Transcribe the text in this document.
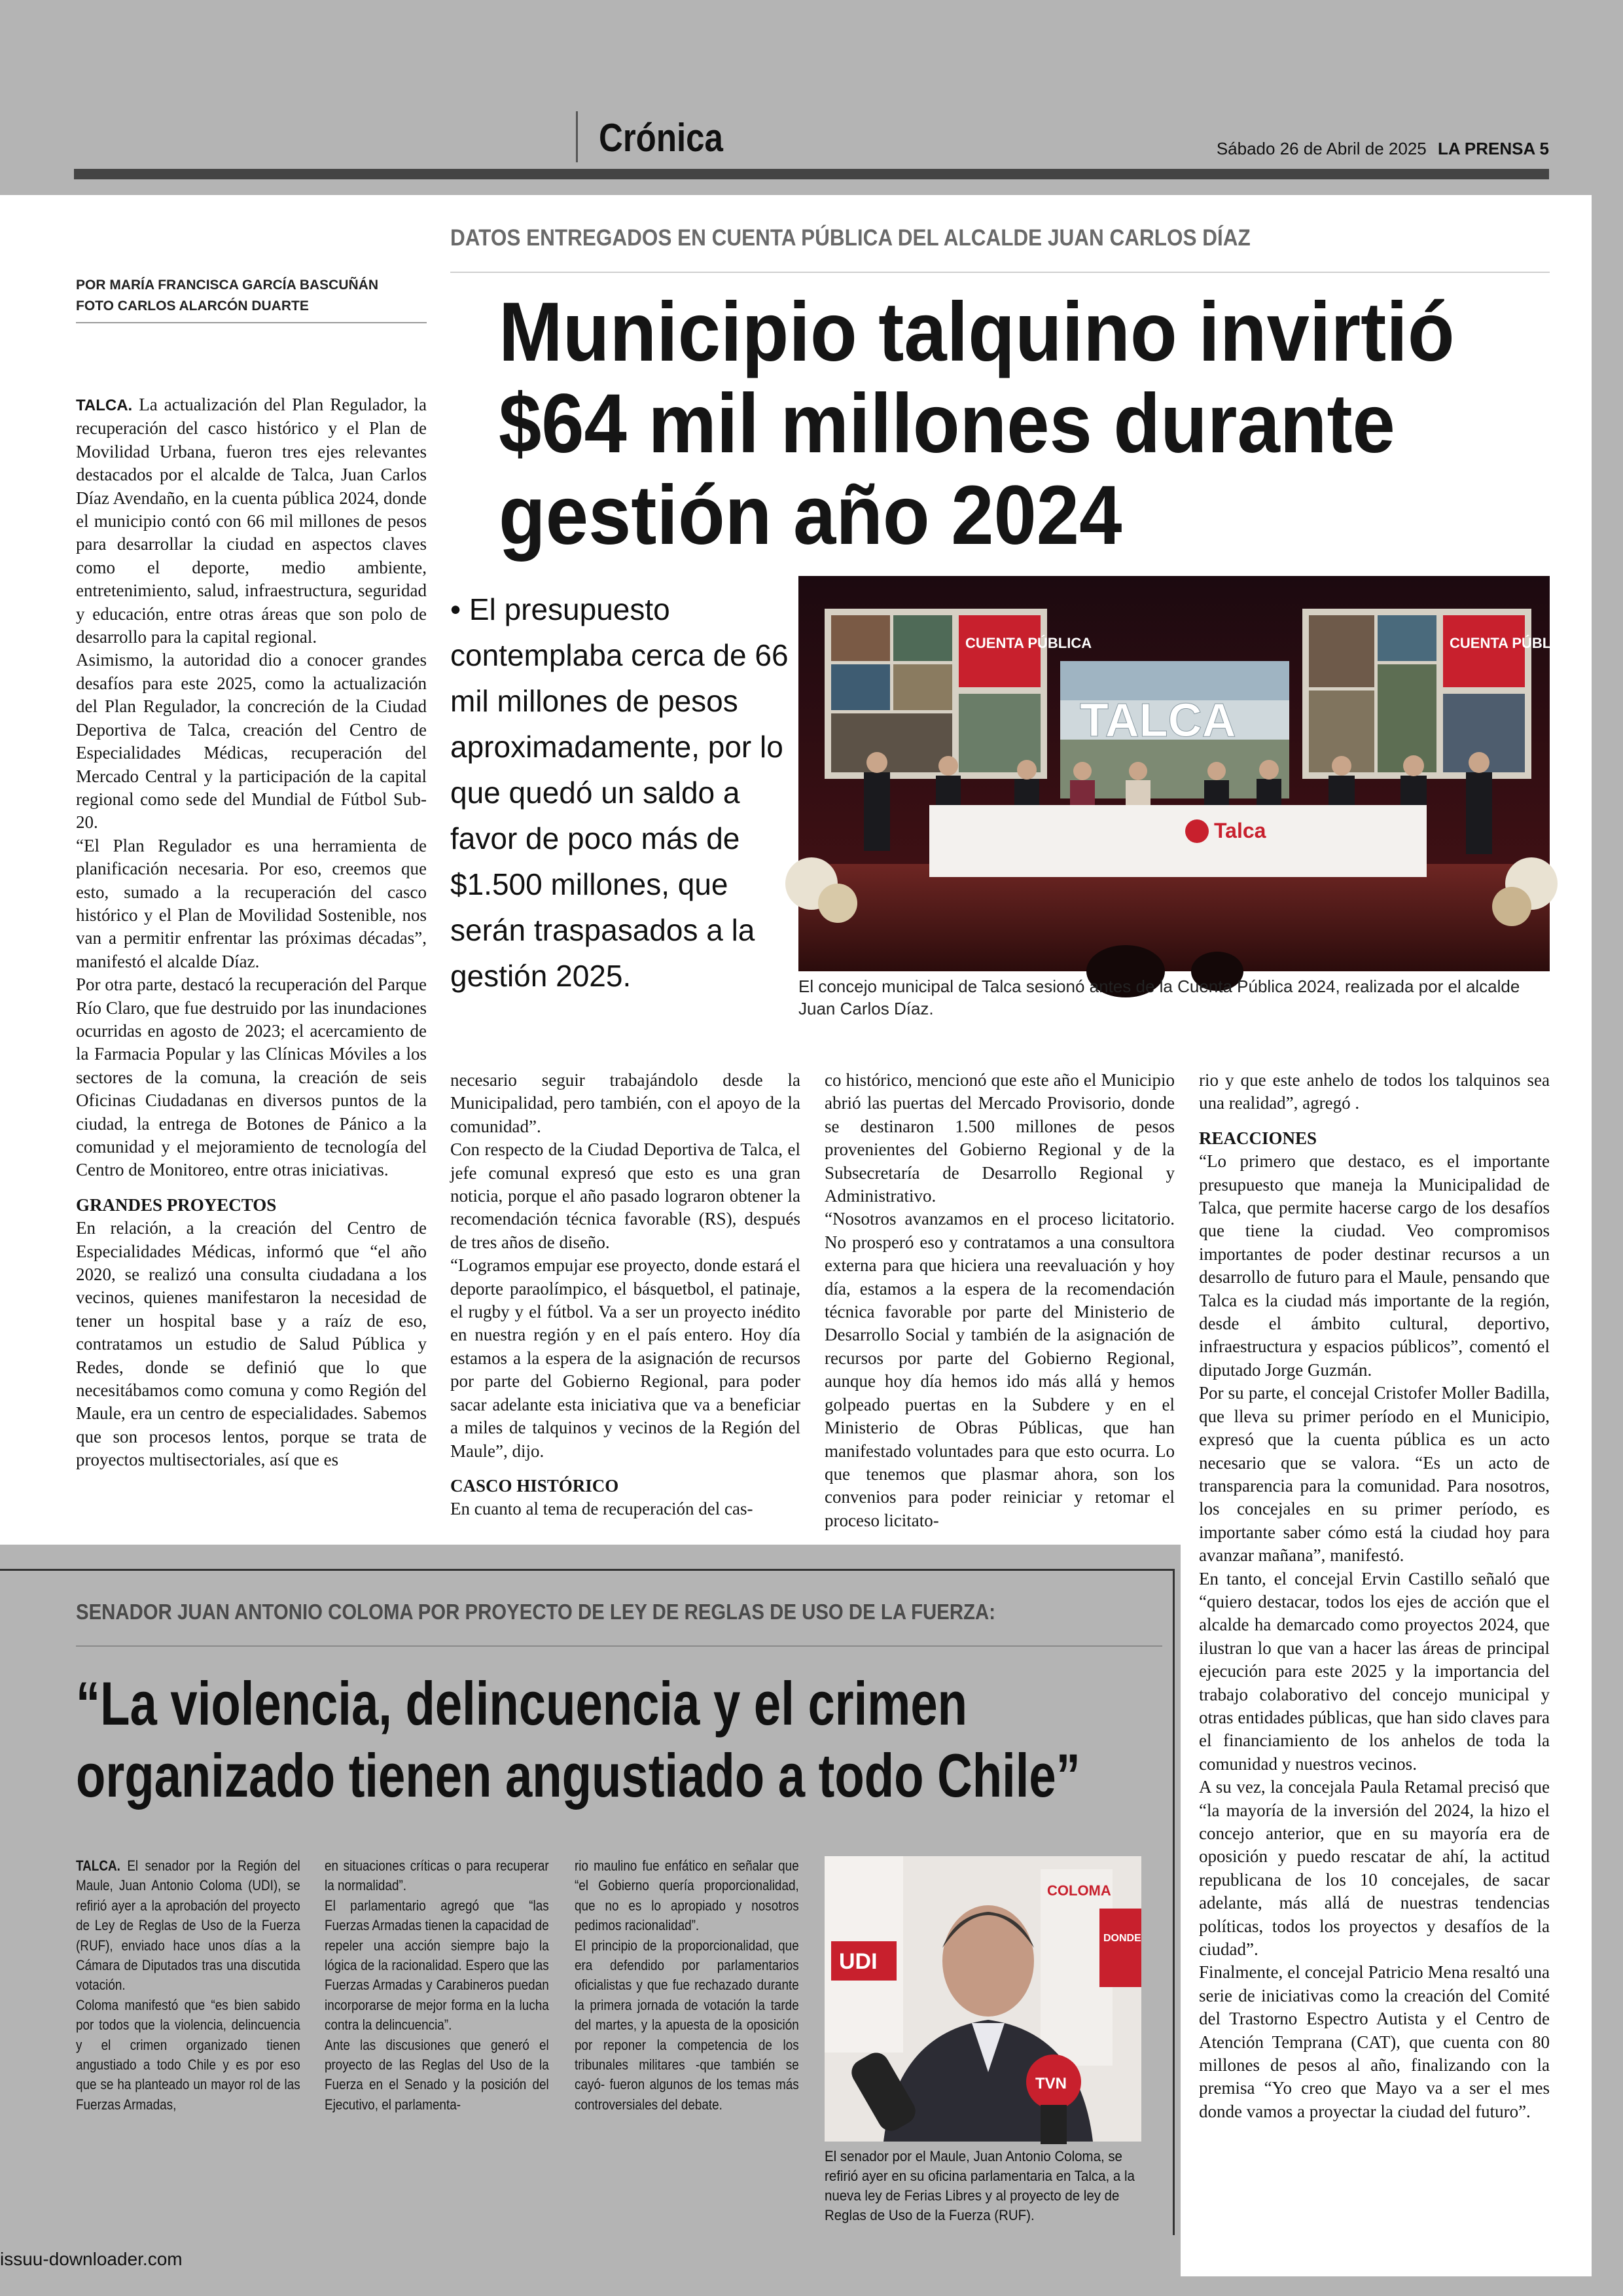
Crónica	Sábado 26 de Abril de 2025 LA PRENSA 5
DATOS ENTREGADOS EN CUENTA PÚBLICA DEL ALCALDE JUAN CARLOS DÍAZ
POR MARÍA FRANCISCA GARCÍA BASCUÑÁN
FOTO CARLOS ALARCÓN DUARTE	Municipio talquino invirtió
$64 mil millones durante
gestión año 2024
• El presupuesto contemplaba cerca de 66 mil millones de pesos aproximadamente, por lo que quedó un saldo a favor de poco más de $1.500 millones, que serán traspasados a la gestión 2025.
CUENTA PÚBLICA
TALCA
CUENTA PÚBLICA
Talca
El concejo municipal de Talca sesionó antes de la Cuenta Pública 2024, realizada por el alcalde Juan Carlos Díaz.

TALCA. La actualización del Plan Regulador, la recuperación del casco histórico y el Plan de Movilidad Urbana, fueron tres ejes relevantes destacados por el alcalde de Talca, Juan Carlos Díaz Avendaño, en la cuenta pública 2024, donde el municipio contó con 66 mil millones de pesos para desarrollar la ciudad en aspectos claves como el deporte, medio ambiente, entretenimiento, salud, infraestructura, seguridad y educación, entre otras áreas que son polo de desarrollo para la capital regional.

Asimismo, la autoridad dio a conocer grandes desafíos para este 2025, como la actualización del Plan Regulador, la concreción de la Ciudad Deportiva de Talca, creación del Centro de Especialidades Médicas, recuperación del Mercado Central y la participación de la capital regional como sede del Mundial de Fútbol Sub-20.

“El Plan Regulador es una herramienta de planificación necesaria. Por eso, creemos que esto, sumado a la recuperación del casco histórico y el Plan de Movilidad Sostenible, nos van a permitir enfrentar las próximas décadas”, manifestó el alcalde Díaz.

Por otra parte, destacó la recuperación del Parque Río Claro, que fue destruido por las inundaciones ocurridas en agosto de 2023; el acercamiento de la Farmacia Popular y las Clínicas Móviles a los sectores de la comuna, la creación de seis Oficinas Ciudadanas en diversos puntos de la ciudad, la entrega de Botones de Pánico a la comunidad y el mejoramiento de tecnología del Centro de Monitoreo, entre otras iniciativas.

GRANDES PROYECTOS

En relación, a la creación del Centro de Especialidades Médicas, informó que “el año 2020, se realizó una consulta ciudadana a los vecinos, quienes manifestaron la necesidad de tener un hospital base y a raíz de eso, contratamos un estudio de Salud Pública y Redes, donde se definió que lo que necesitábamos como comuna y como Región del Maule, era un centro de especialidades. Sabemos que son procesos lentos, porque se trata de proyectos multisectoriales, así que es

necesario seguir trabajándolo desde la Municipalidad, pero también, con el apoyo de la comunidad”.

Con respecto de la Ciudad Deportiva de Talca, el jefe comunal expresó que esto es una gran noticia, porque el año pasado lograron obtener la recomendación técnica favorable (RS), después de tres años de diseño.

“Logramos empujar ese proyecto, donde estará el deporte paraolímpico, el básquetbol, el patinaje, el rugby y el fútbol. Va a ser un proyecto inédito en nuestra región y en el país entero. Hoy día estamos a la espera de la asignación de recursos por parte del Gobierno Regional, para poder sacar adelante esta iniciativa que va a beneficiar a miles de talquinos y vecinos de la Región del Maule”, dijo.

CASCO HISTÓRICO

En cuanto al tema de recuperación del cas-

co histórico, mencionó que este año el Municipio abrió las puertas del Mercado Provisorio, donde se destinaron 1.500 millones de pesos provenientes del Gobierno Regional y de la Subsecretaría de Desarrollo Regional y Administrativo.

“Nosotros avanzamos en el proceso licitatorio. No prosperó eso y contratamos a una consultora externa para que hiciera una reevaluación y hoy día, estamos a la espera de la recomendación técnica favorable por parte del Ministerio de Desarrollo Social y también de la asignación de recursos por parte del Gobierno Regional, aunque hoy día hemos ido más allá y hemos golpeado puertas en la Subdere y en el Ministerio de Obras Públicas, que han manifestado voluntades para que esto ocurra. Lo que tenemos que plasmar ahora, son los convenios para poder reiniciar y retomar el proceso licitato-

rio y que este anhelo de todos los talquinos sea una realidad”, agregó .

REACCIONES

“Lo primero que destaco, es el importante presupuesto que maneja la Municipalidad de Talca, que permite hacerse cargo de los desafíos que tiene la ciudad. Veo compromisos importantes de poder destinar recursos a un desarrollo de futuro para el Maule, pensando que Talca es la ciudad más importante de la región, desde el ámbito cultural, deportivo, infraestructura y espacios públicos”, comentó el diputado Jorge Guzmán.

Por su parte, el concejal Cristofer Moller Badilla, que lleva su primer período en el Municipio, expresó que la cuenta pública es un acto necesario que se valora. “Es un acto de transparencia para la comunidad. Para nosotros, los concejales en su primer período, es importante saber cómo está la ciudad hoy para avanzar mañana”, manifestó.

En tanto, el concejal Ervin Castillo señaló que “quiero destacar, todos los ejes de acción que el alcalde ha demarcado como proyectos 2024, que ilustran lo que van a hacer las áreas de principal ejecución para este 2025 y la importancia del trabajo colaborativo del concejo municipal y otras entidades públicas, que han sido claves para el financiamiento de los anhelos de toda la comunidad y nuestros vecinos.

A su vez, la concejala Paula Retamal precisó que “la mayoría de la inversión del 2024, la hizo el concejo anterior, que en su mayoría era de oposición y puedo rescatar de ahí, la actitud republicana de los 10 concejales, de sacar adelante, más allá de nuestras tendencias políticas, todos los proyectos y desafíos de la ciudad”.

Finalmente, el concejal Patricio Mena resaltó una serie de iniciativas como la creación del Comité del Trastorno Espectro Autista y el Centro de Atención Temprana (CAT), que cuenta con 80 millones de pesos al año, finalizando con la premisa “Yo creo que Mayo va a ser el mes donde vamos a proyectar la ciudad del futuro”.

SENADOR JUAN ANTONIO COLOMA POR PROYECTO DE LEY DE REGLAS DE USO DE LA FUERZA:
“La violencia, delincuencia y el crimen
organizado tienen angustiado a todo Chile”

TALCA. El senador por la Región del Maule, Juan Antonio Coloma (UDI), se refirió ayer a la aprobación del proyecto de Ley de Reglas de Uso de la Fuerza (RUF), enviado hace unos días a la Cámara de Diputados tras una discutida votación.

Coloma manifestó que “es bien sabido por todos que la violencia, delincuencia y el crimen organizado tienen angustiado a todo Chile y es por eso que se ha planteado un mayor rol de las Fuerzas Armadas,

en situaciones críticas o para recuperar la normalidad”.

El parlamentario agregó que “las Fuerzas Armadas tienen la capacidad de repeler una acción siempre bajo la lógica de la racionalidad. Espero que las Fuerzas Armadas y Carabineros puedan incorporarse de mejor forma en la lucha contra la delincuencia”.

Ante las discusiones que generó el proyecto de las Reglas del Uso de la Fuerza en el Senado y la posición del Ejecutivo, el parlamenta-

rio maulino fue enfático en señalar que “el Gobierno quería proporcionalidad, que no es lo apropiado y nosotros pedimos racionalidad”.

El principio de la proporcionalidad, que era defendido por parlamentarios oficialistas y que fue rechazado durante la primera jornada de votación la tarde del martes, y la apuesta de la oposición por reponer la competencia de los tribunales militares -que también se cayó- fueron algunos de los temas más controversiales del debate.

UDI
COLOMA
DONDE
TVN
El senador por el Maule, Juan Antonio Coloma, se refirió ayer en su oficina parlamentaria en Talca, a la nueva ley de Ferias Libres y al proyecto de ley de Reglas de Uso de la Fuerza (RUF).
issuu-downloader.com
